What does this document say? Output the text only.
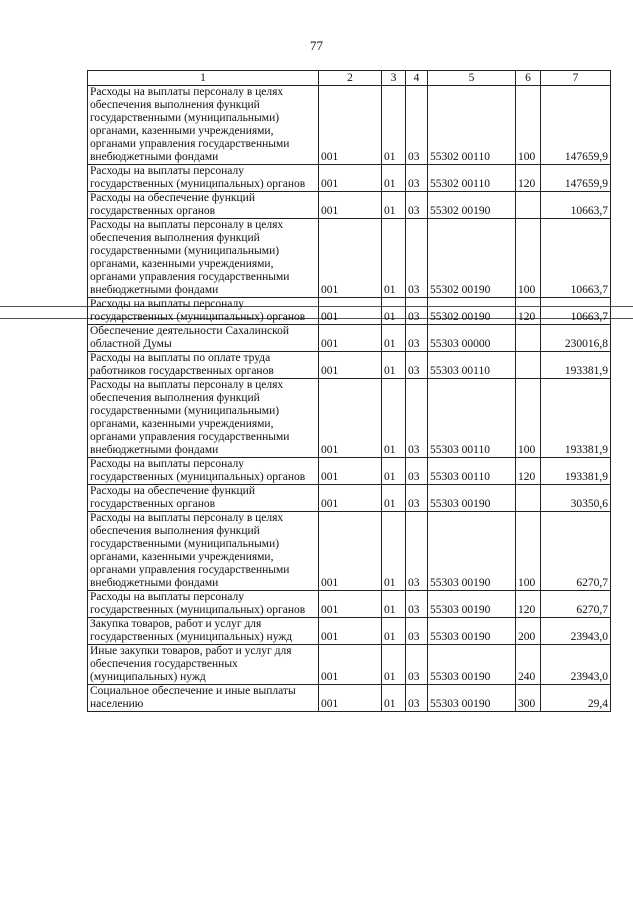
77
1	2	3	4	5	6	7
Расходы на выплаты персоналу в целях обеспечения выполнения функций государственными (муниципальными) органами, казенными учреждениями, органами управления государственными внебюджетными фондами	001	01	03	55302 00110	100	147659,9
Расходы на выплаты персоналу государственных (муниципальных) органов	001	01	03	55302 00110	120	147659,9
Расходы на обеспечение функций государственных органов	001	01	03	55302 00190		10663,7
Расходы на выплаты персоналу в целях обеспечения выполнения функций государственными (муниципальными) органами, казенными учреждениями, органами управления государственными внебюджетными фондами	001	01	03	55302 00190	100	10663,7
Расходы на выплаты персоналу государственных (муниципальных) органов	001	01	03	55302 00190	120	10663,7
Обеспечение деятельности Сахалинской областной Думы	001	01	03	55303 00000		230016,8
Расходы на выплаты по оплате труда работников государственных органов	001	01	03	55303 00110		193381,9
Расходы на выплаты персоналу в целях обеспечения выполнения функций государственными (муниципальными) органами, казенными учреждениями, органами управления государственными внебюджетными фондами	001	01	03	55303 00110	100	193381,9
Расходы на выплаты персоналу государственных (муниципальных) органов	001	01	03	55303 00110	120	193381,9
Расходы на обеспечение функций государственных органов	001	01	03	55303 00190		30350,6
Расходы на выплаты персоналу в целях обеспечения выполнения функций государственными (муниципальными) органами, казенными учреждениями, органами управления государственными внебюджетными фондами	001	01	03	55303 00190	100	6270,7
Расходы на выплаты персоналу государственных (муниципальных) органов	001	01	03	55303 00190	120	6270,7
Закупка товаров, работ и услуг для государственных (муниципальных) нужд	001	01	03	55303 00190	200	23943,0
Иные закупки товаров, работ и услуг для обеспечения государственных (муниципальных) нужд	001	01	03	55303 00190	240	23943,0
Социальное обеспечение и иные выплаты населению	001	01	03	55303 00190	300	29,4
